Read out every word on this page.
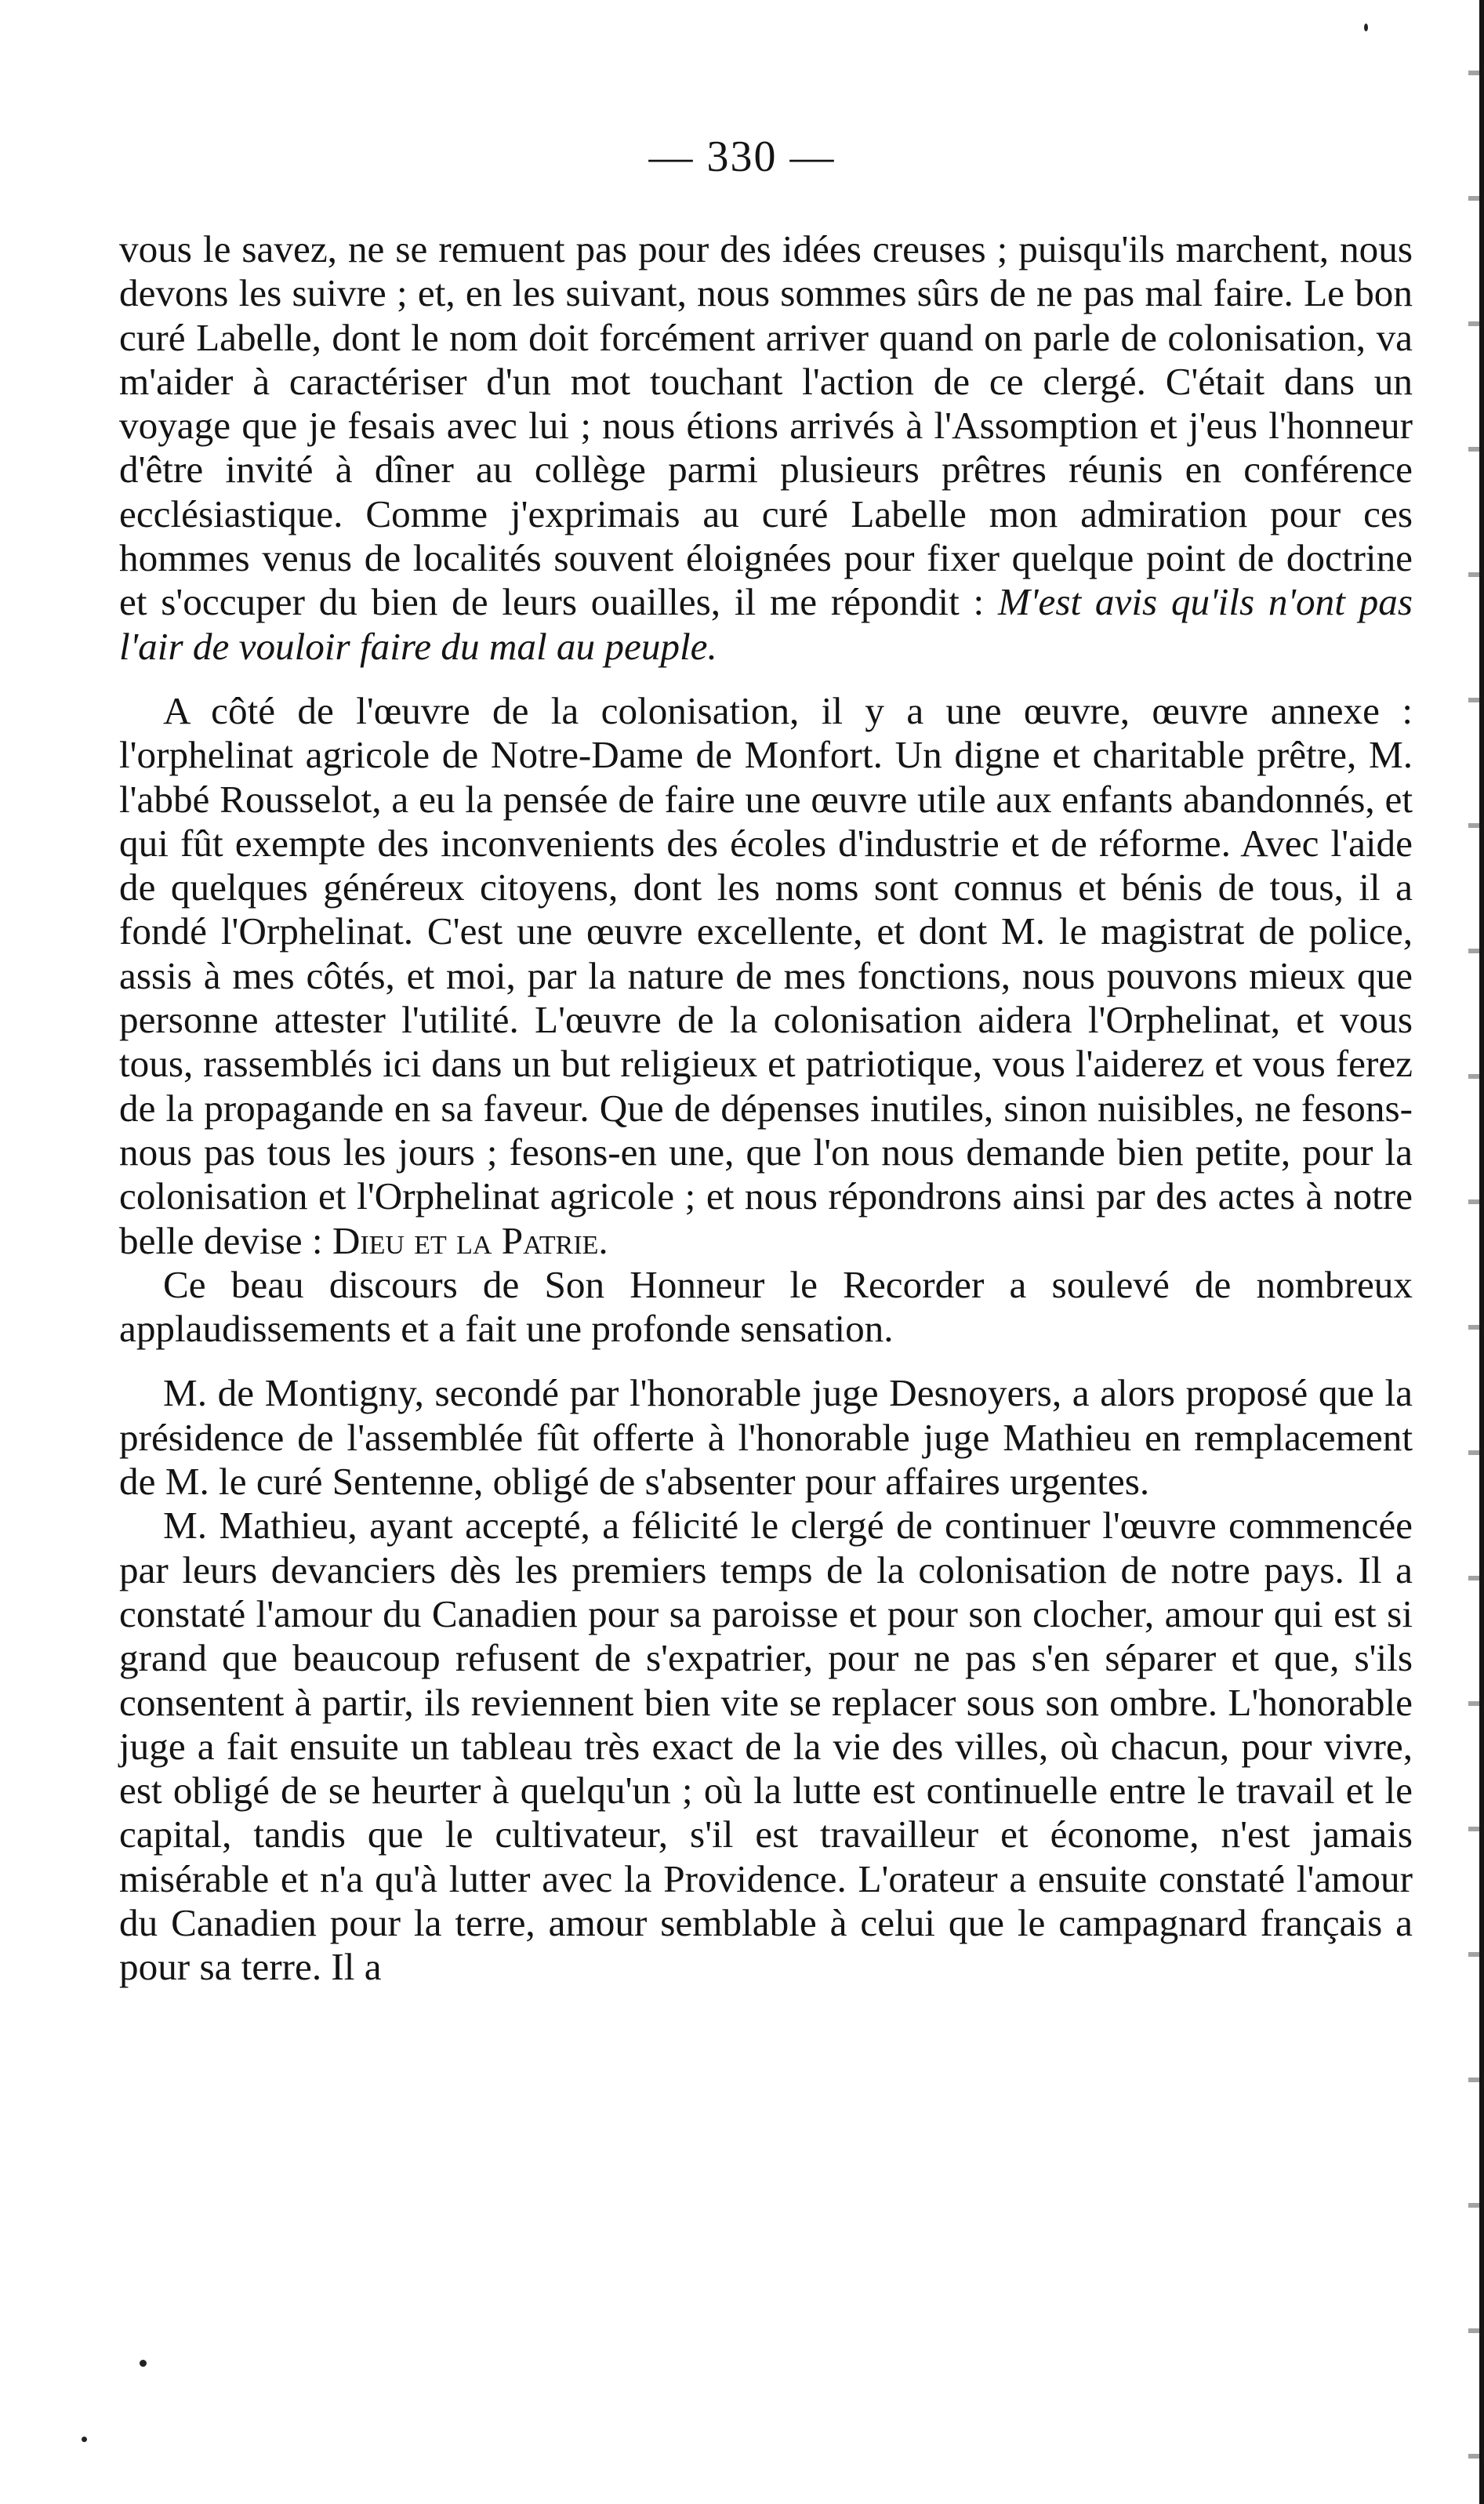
— 330 —

vous le savez, ne se remuent pas pour des idées creuses ; puisqu'ils marchent, nous devons les suivre ; et, en les suivant, nous sommes sûrs de ne pas mal faire. Le bon curé Labelle, dont le nom doit forcément arriver quand on parle de colonisation, va m'aider à caractériser d'un mot touchant l'action de ce clergé. C'était dans un voyage que je fesais avec lui ; nous étions arrivés à l'Assomption et j'eus l'honneur d'être invité à dîner au collège parmi plusieurs prêtres réunis en conférence ecclésiastique. Comme j'exprimais au curé Labelle mon admiration pour ces hommes venus de localités souvent éloignées pour fixer quelque point de doctrine et s'occuper du bien de leurs ouailles, il me répondit : M'est avis qu'ils n'ont pas l'air de vouloir faire du mal au peuple.

A côté de l'œuvre de la colonisation, il y a une œuvre, œuvre annexe : l'orphelinat agricole de Notre-Dame de Monfort. Un digne et charitable prêtre, M. l'abbé Rousselot, a eu la pensée de faire une œuvre utile aux enfants abandonnés, et qui fût exempte des inconvenients des écoles d'industrie et de réforme. Avec l'aide de quelques généreux citoyens, dont les noms sont connus et bénis de tous, il a fondé l'Orphelinat. C'est une œuvre excellente, et dont M. le magistrat de police, assis à mes côtés, et moi, par la nature de mes fonctions, nous pouvons mieux que personne attester l'utilité. L'œuvre de la colonisation aidera l'Orphelinat, et vous tous, rassemblés ici dans un but religieux et patriotique, vous l'aiderez et vous ferez de la propagande en sa faveur. Que de dépenses inutiles, sinon nuisibles, ne fesons-nous pas tous les jours ; fesons-en une, que l'on nous demande bien petite, pour la colonisation et l'Orphelinat agricole ; et nous répondrons ainsi par des actes à notre belle devise : Dieu et la Patrie.

Ce beau discours de Son Honneur le Recorder a soulevé de nombreux applaudissements et a fait une profonde sensation.

M. de Montigny, secondé par l'honorable juge Desnoyers, a alors proposé que la présidence de l'assemblée fût offerte à l'honorable juge Mathieu en remplacement de M. le curé Sentenne, obligé de s'absenter pour affaires urgentes.

M. Mathieu, ayant accepté, a félicité le clergé de continuer l'œuvre commencée par leurs devanciers dès les premiers temps de la colonisation de notre pays. Il a constaté l'amour du Canadien pour sa paroisse et pour son clocher, amour qui est si grand que beaucoup refusent de s'expatrier, pour ne pas s'en séparer et que, s'ils consentent à partir, ils reviennent bien vite se replacer sous son ombre. L'honorable juge a fait ensuite un tableau très exact de la vie des villes, où chacun, pour vivre, est obligé de se heurter à quelqu'un ; où la lutte est continuelle entre le travail et le capital, tandis que le cultivateur, s'il est travailleur et économe, n'est jamais misérable et n'a qu'à lutter avec la Providence. L'orateur a ensuite constaté l'amour du Canadien pour la terre, amour semblable à celui que le campagnard français a pour sa terre. Il a
